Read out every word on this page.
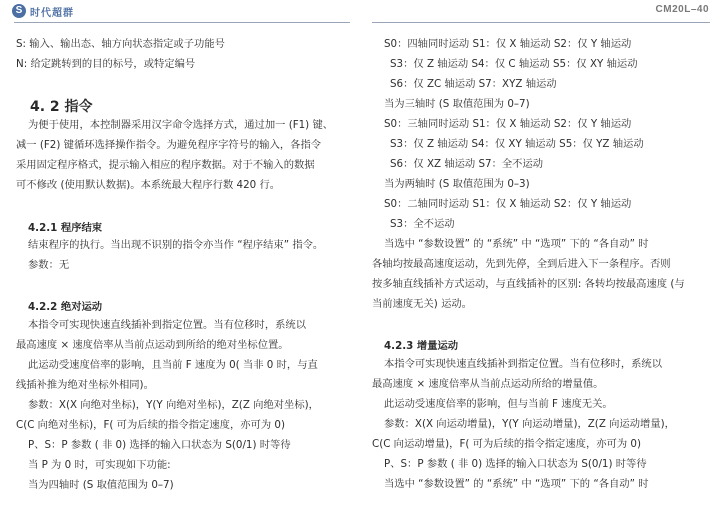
S 时代超群	CM20L–40
S: 输入、输出态、轴方向状态指定或子功能号
N: 给定跳转到的目的标号，或特定编号
4. 2 指令
为便于使用，本控制器采用汉字命令选择方式，通过加一 (F1) 键、
减一 (F2) 键循环选择操作指令。为避免程序字符号的输入，各指令
采用固定程序格式，提示输入相应的程序数据。对于不输入的数据
可不修改 (使用默认数据)。本系统最大程序行数 420 行。
4.2.1 程序结束
结束程序的执行。当出现不识别的指令亦当作 “程序结束” 指令。
参数：无
4.2.2 绝对运动
本指令可实现快速直线插补到指定位置。当有位移时，系统以
最高速度 × 速度倍率从当前点运动到所给的绝对坐标位置。
此运动受速度倍率的影响，且当前 F 速度为 0( 当非 0 时，与直
线插补推为绝对坐标外相同)。
参数：X(X 向绝对坐标)，Y(Y 向绝对坐标)，Z(Z 向绝对坐标)，
C(C 向绝对坐标)，F( 可为后续的指令指定速度，亦可为 0)
P、S：P 参数 ( 非 0) 选择的输入口状态为 S(0/1) 时等待
当 P 为 0 时，可实现如下功能:
当为四轴时 (S 取值范围为 0–7)
S0：四轴同时运动 S1：仅 X 轴运动 S2：仅 Y 轴运动
S3：仅 Z 轴运动 S4：仅 C 轴运动 S5：仅 XY 轴运动
S6：仅 ZC 轴运动 S7：XYZ 轴运动
当为三轴时 (S 取值范围为 0–7)
S0：三轴同时运动 S1：仅 X 轴运动 S2：仅 Y 轴运动
S3：仅 Z 轴运动 S4：仅 XY 轴运动 S5：仅 YZ 轴运动
S6：仅 XZ 轴运动 S7：全不运动
当为两轴时 (S 取值范围为 0–3)
S0：二轴同时运动 S1：仅 X 轴运动 S2：仅 Y 轴运动
S3：全不运动
当选中 “参数设置” 的 “系统” 中 “选项” 下的 “各自动” 时
各轴均按最高速度运动，先到先停，全到后进入下一条程序。否则
按多轴直线插补方式运动，与直线插补的区别: 各转均按最高速度 (与
当前速度无关) 运动。
4.2.3 增量运动
本指令可实现快速直线插补到指定位置。当有位移时，系统以
最高速度 × 速度倍率从当前点运动所给的增量值。
此运动受速度倍率的影响，但与当前 F 速度无关。
参数：X(X 向运动增量)，Y(Y 向运动增量)，Z(Z 向运动增量)，
C(C 向运动增量)，F( 可为后续的指令指定速度，亦可为 0)
P、S：P 参数 ( 非 0) 选择的输入口状态为 S(0/1) 时等待
当选中 “参数设置” 的 “系统” 中 “选项” 下的 “各自动” 时
